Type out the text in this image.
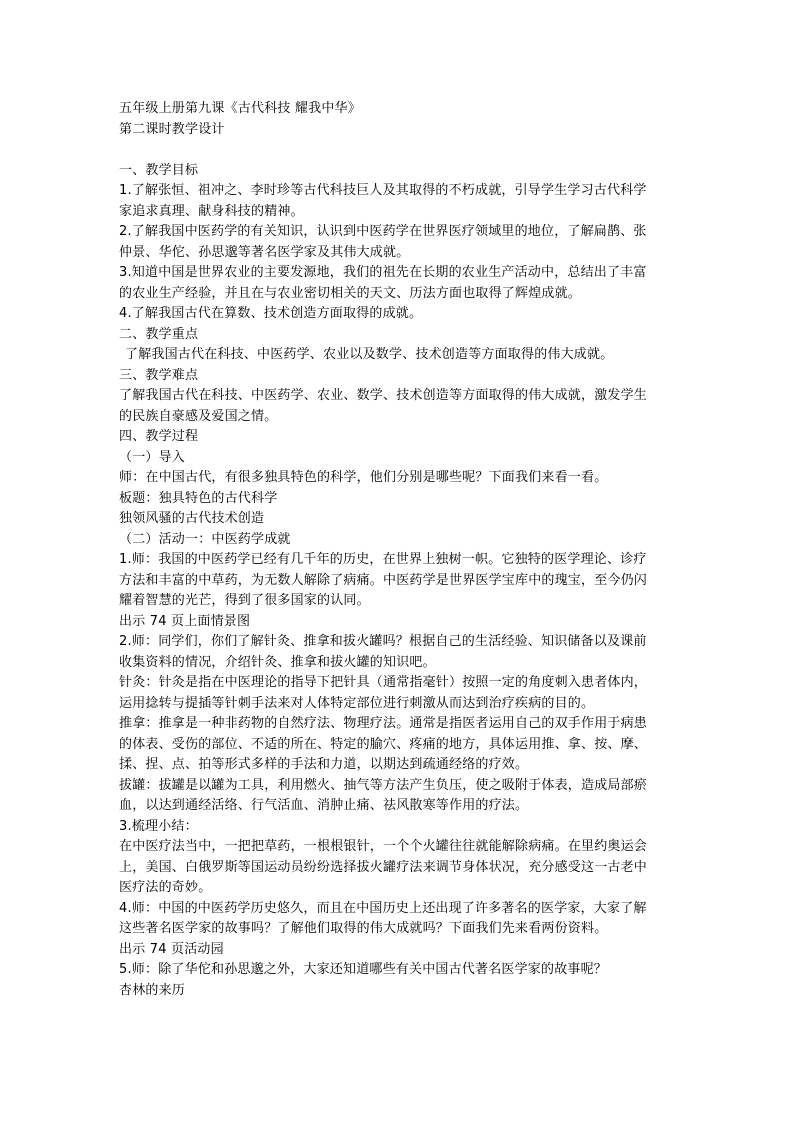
五年级上册第九课《古代科技 耀我中华》

第二课时教学设计

一、教学目标

1.了解张恒、祖冲之、李时珍等古代科技巨人及其取得的不朽成就，引导学生学习古代科学

家追求真理、献身科技的精神。

2.了解我国中医药学的有关知识，认识到中医药学在世界医疗领域里的地位，了解扁鹊、张

仲景、华佗、孙思邈等著名医学家及其伟大成就。

3.知道中国是世界农业的主要发源地，我们的祖先在长期的农业生产活动中，总结出了丰富

的农业生产经验，并且在与农业密切相关的天文、历法方面也取得了辉煌成就。

4.了解我国古代在算数、技术创造方面取得的成就。

二、教学重点

了解我国古代在科技、中医药学、农业以及数学、技术创造等方面取得的伟大成就。

三、教学难点

了解我国古代在科技、中医药学、农业、数学、技术创造等方面取得的伟大成就，激发学生

的民族自豪感及爱国之情。

四、教学过程

（一）导入

师：在中国古代，有很多独具特色的科学，他们分别是哪些呢？下面我们来看一看。

板题：独具特色的古代科学

独领风骚的古代技术创造

（二）活动一：中医药学成就

1.师：我国的中医药学已经有几千年的历史，在世界上独树一帜。它独特的医学理论、诊疗

方法和丰富的中草药，为无数人解除了病痛。中医药学是世界医学宝库中的瑰宝，至今仍闪

耀着智慧的光芒，得到了很多国家的认同。

出示 74 页上面情景图

2.师：同学们，你们了解针灸、推拿和拔火罐吗？根据自己的生活经验、知识储备以及课前

收集资料的情况，介绍针灸、推拿和拔火罐的知识吧。

针灸：针灸是指在中医理论的指导下把针具（通常指毫针）按照一定的角度刺入患者体内，

运用捻转与提插等针刺手法来对人体特定部位进行刺激从而达到治疗疾病的目的。

推拿：推拿是一种非药物的自然疗法、物理疗法。通常是指医者运用自己的双手作用于病患

的体表、受伤的部位、不适的所在、特定的腧穴、疼痛的地方，具体运用推、拿、按、摩、

揉、捏、点、拍等形式多样的手法和力道，以期达到疏通经络的疗效。

拔罐：拔罐是以罐为工具，利用燃火、抽气等方法产生负压，使之吸附于体表，造成局部瘀

血，以达到通经活络、行气活血、消肿止痛、祛风散寒等作用的疗法。

3.梳理小结：

在中医疗法当中，一把把草药，一根根银针，一个个火罐往往就能解除病痛。在里约奥运会

上，美国、白俄罗斯等国运动员纷纷选择拔火罐疗法来调节身体状况，充分感受这一古老中

医疗法的奇妙。

4.师：中国的中医药学历史悠久，而且在中国历史上还出现了许多著名的医学家，大家了解

这些著名医学家的故事吗？了解他们取得的伟大成就吗？下面我们先来看两份资料。

出示 74 页活动园

5.师：除了华佗和孙思邈之外，大家还知道哪些有关中国古代著名医学家的故事呢？

杏林的来历
